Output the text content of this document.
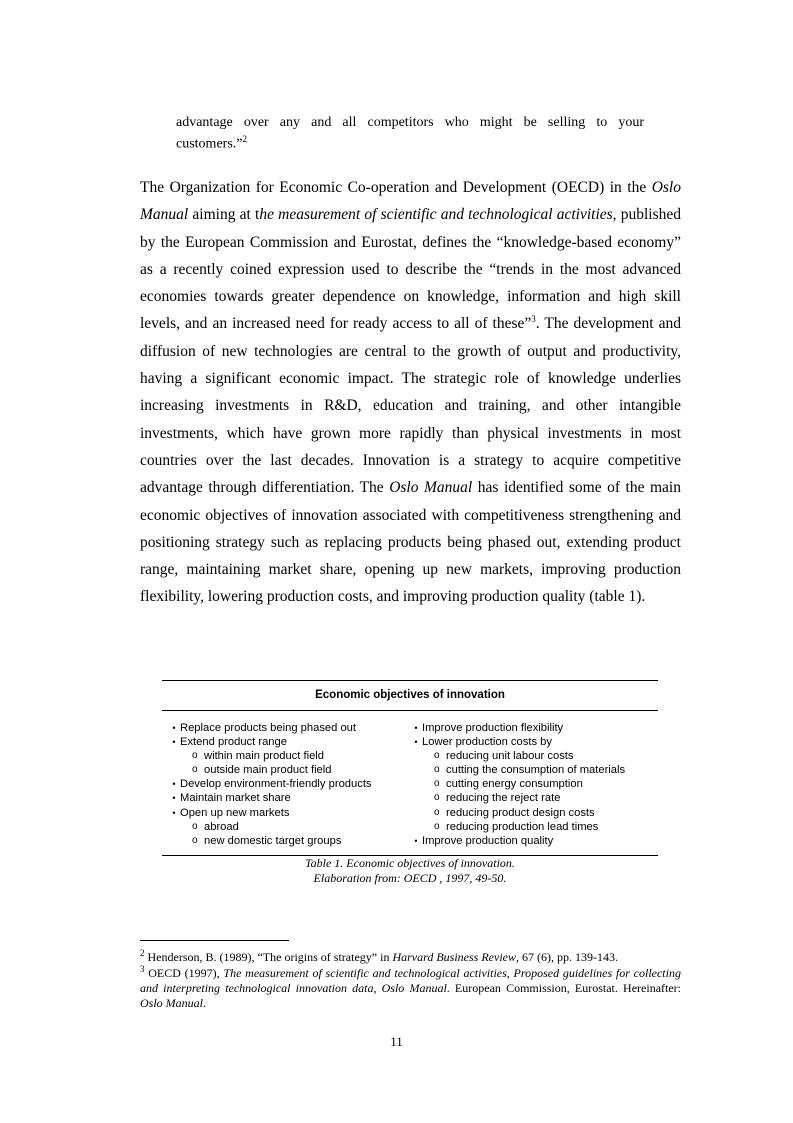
advantage over any and all competitors who might be selling to your
customers.”$^2$
The Organization for Economic Co-operation and Development (OECD) in the Oslo Manual aiming at the measurement of scientific and technological activities, published by the European Commission and Eurostat, defines the “knowledge-based economy” as a recently coined expression used to describe the “trends in the most advanced economies towards greater dependence on knowledge, information and high skill levels, and an increased need for ready access to all of these”$^3$. The development and diffusion of new technologies are central to the growth of output and productivity, having a significant economic impact. The strategic role of knowledge underlies increasing investments in R&D, education and training, and other intangible investments, which have grown more rapidly than physical investments in most countries over the last decades. Innovation is a strategy to acquire competitive advantage through differentiation. The Oslo Manual has identified some of the main economic objectives of innovation associated with competitiveness strengthening and positioning strategy such as replacing products being phased out, extending product range, maintaining market share, opening up new markets, improving production flexibility, lowering production costs, and improving production quality (table 1).
Economic objectives of innovation
• Replace products being phased out
• Extend product range
o within main product field
o outside main product field
• Develop environment-friendly products
• Maintain market share
• Open up new markets
o abroad
o new domestic target groups
• Improve production flexibility
• Lower production costs by
o reducing unit labour costs
o cutting the consumption of materials
o cutting energy consumption
o reducing the reject rate
o reducing product design costs
o reducing production lead times
• Improve production quality
Table 1. Economic objectives of innovation.
Elaboration from: OECD , 1997, 49-50.
$^2$ Henderson, B. (1989), “The origins of strategy” in Harvard Business Review, 67 (6), pp. 139-143.
$^3$ OECD (1997), The measurement of scientific and technological activities, Proposed guidelines for collecting and interpreting technological innovation data, Oslo Manual. European Commission, Eurostat. Hereinafter: Oslo Manual.
11
